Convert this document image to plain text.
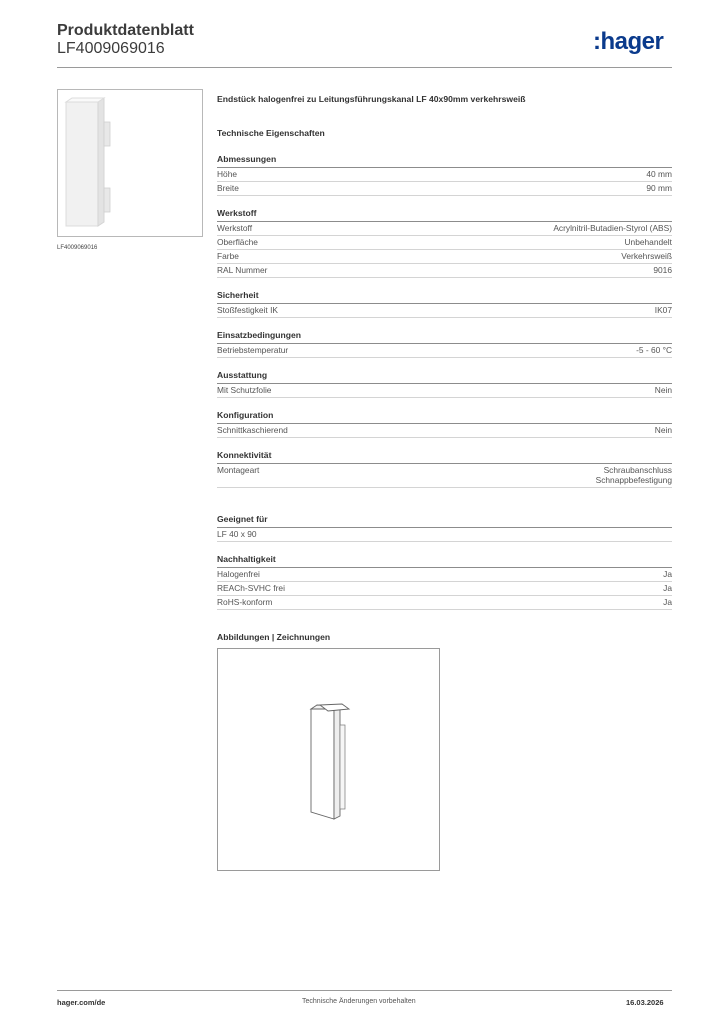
Produktdatenblatt
LF4009069016	:hager
LF4009069016
Endstück halogenfrei zu Leitungsführungskanal LF 40x90mm verkehrsweiß
Technische Eigenschaften
Abmessungen
Höhe	40 mm
Breite	90 mm
Werkstoff
Werkstoff	Acrylnitril-Butadien-Styrol (ABS)
Oberfläche	Unbehandelt
Farbe	Verkehrsweiß
RAL Nummer	9016
Sicherheit
Stoßfestigkeit IK	IK07
Einsatzbedingungen
Betriebstemperatur	-5 - 60 °C
Ausstattung
Mit Schutzfolie	Nein
Konfiguration
Schnittkaschierend	Nein
Konnektivität
Montageart	Schraubanschluss
Schnappbefestigung
Geeignet für
LF 40 x 90
Nachhaltigkeit
Halogenfrei	Ja
REACh-SVHC frei	Ja
RoHS-konform	Ja
Abbildungen | Zeichnungen
hager.com/de	Technische Änderungen vorbehalten	16.03.2026
